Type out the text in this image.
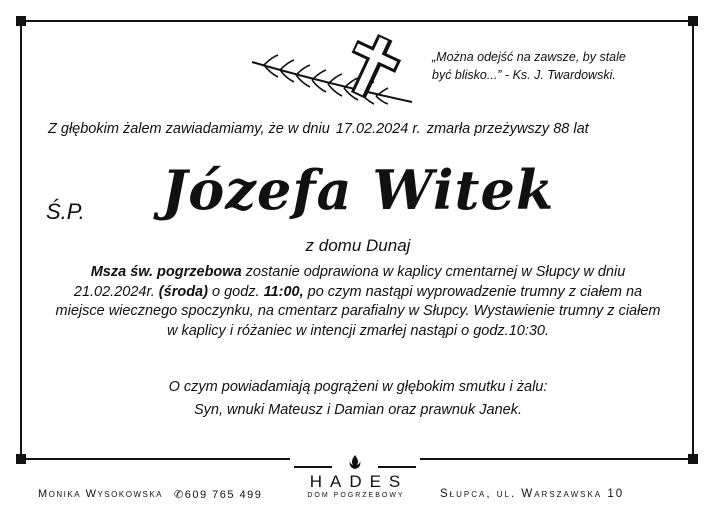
„Można odejść na zawsze, by stale
być blisko...” - Ks. J. Twardowski.
Z głębokim żalem zawiadamiamy, że w dniu 17.02.2024 r. zmarła przeżywszy 88 lat
Ś.P.	Józefa Witek
z domu Dunaj
Msza św. pogrzebowa zostanie odprawiona w kaplicy cmentarnej w Słupcy w dniu 21.02.2024r. (środa) o godz. 11:00, po czym nastąpi wyprowadzenie trumny z ciałem na miejsce wiecznego spoczynku, na cmentarz parafialny w Słupcy. Wystawienie trumny z ciałem w kaplicy i różaniec w intencji zmarłej nastąpi o godz.10:30.
O czym powiadamiają pogrążeni w głębokim smutku i żalu:
Syn, wnuki Mateusz i Damian oraz prawnuk Janek.
Monika Wysokowska ✆609 765 499	Słupca, ul. Warszawska 10
HADES
DOM POGRZEBOWY
